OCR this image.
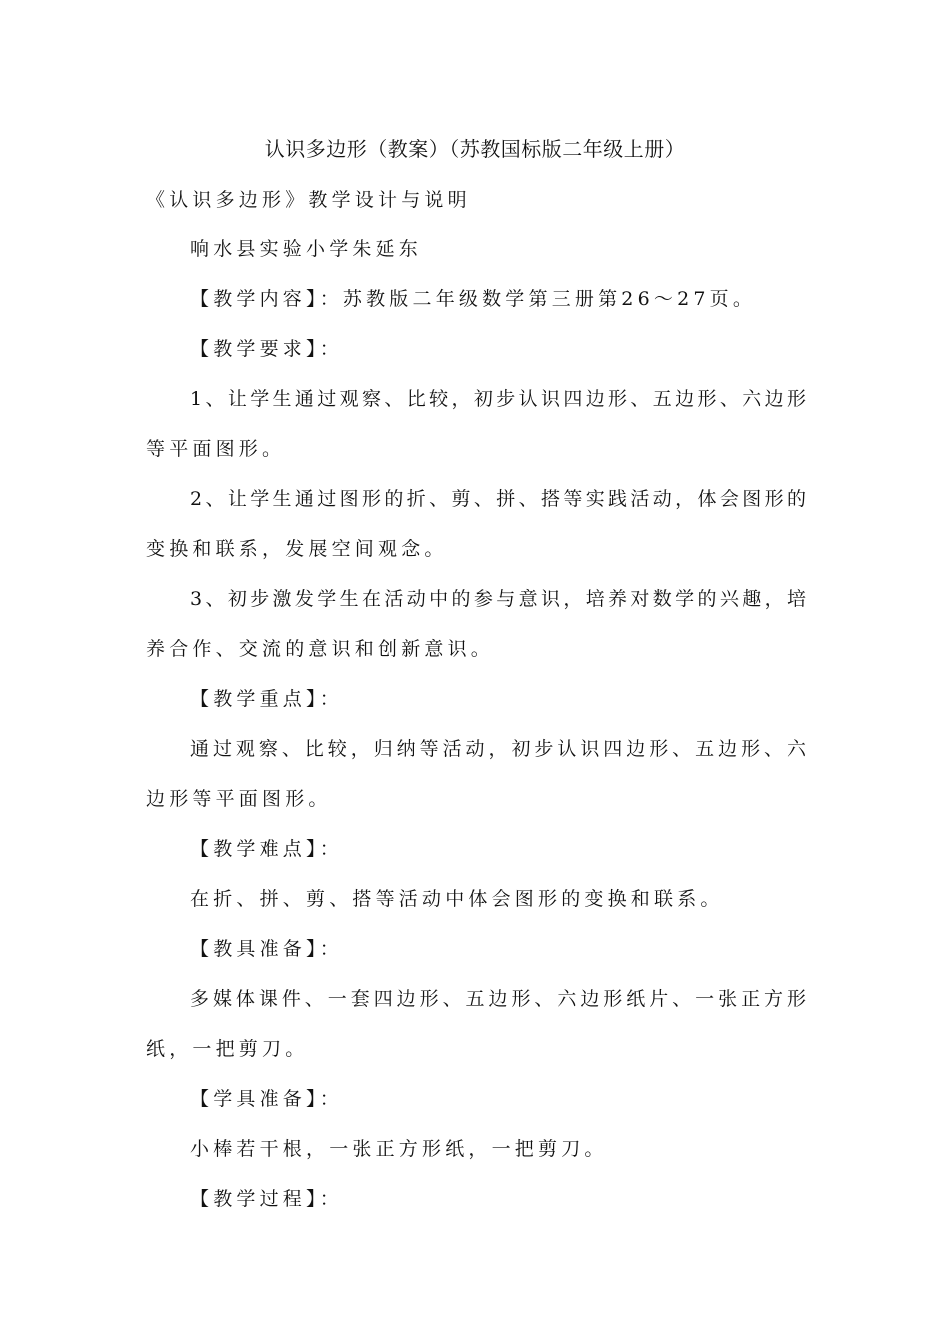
认识多边形（教案）（苏教国标版二年级上册）
《认识多边形》教学设计与说明
响水县实验小学朱延东
【教学内容】：苏教版二年级数学第三册第26～27页。
【教学要求】：
1、让学生通过观察、比较，初步认识四边形、五边形、六边形
等平面图形。
2、让学生通过图形的折、剪、拼、搭等实践活动，体会图形的
变换和联系，发展空间观念。
3、初步激发学生在活动中的参与意识，培养对数学的兴趣，培
养合作、交流的意识和创新意识。
【教学重点】：
通过观察、比较，归纳等活动，初步认识四边形、五边形、六
边形等平面图形。
【教学难点】：
在折、拼、剪、搭等活动中体会图形的变换和联系。
【教具准备】：
多媒体课件、一套四边形、五边形、六边形纸片、一张正方形
纸，一把剪刀。
【学具准备】：
小棒若干根，一张正方形纸，一把剪刀。
【教学过程】：
